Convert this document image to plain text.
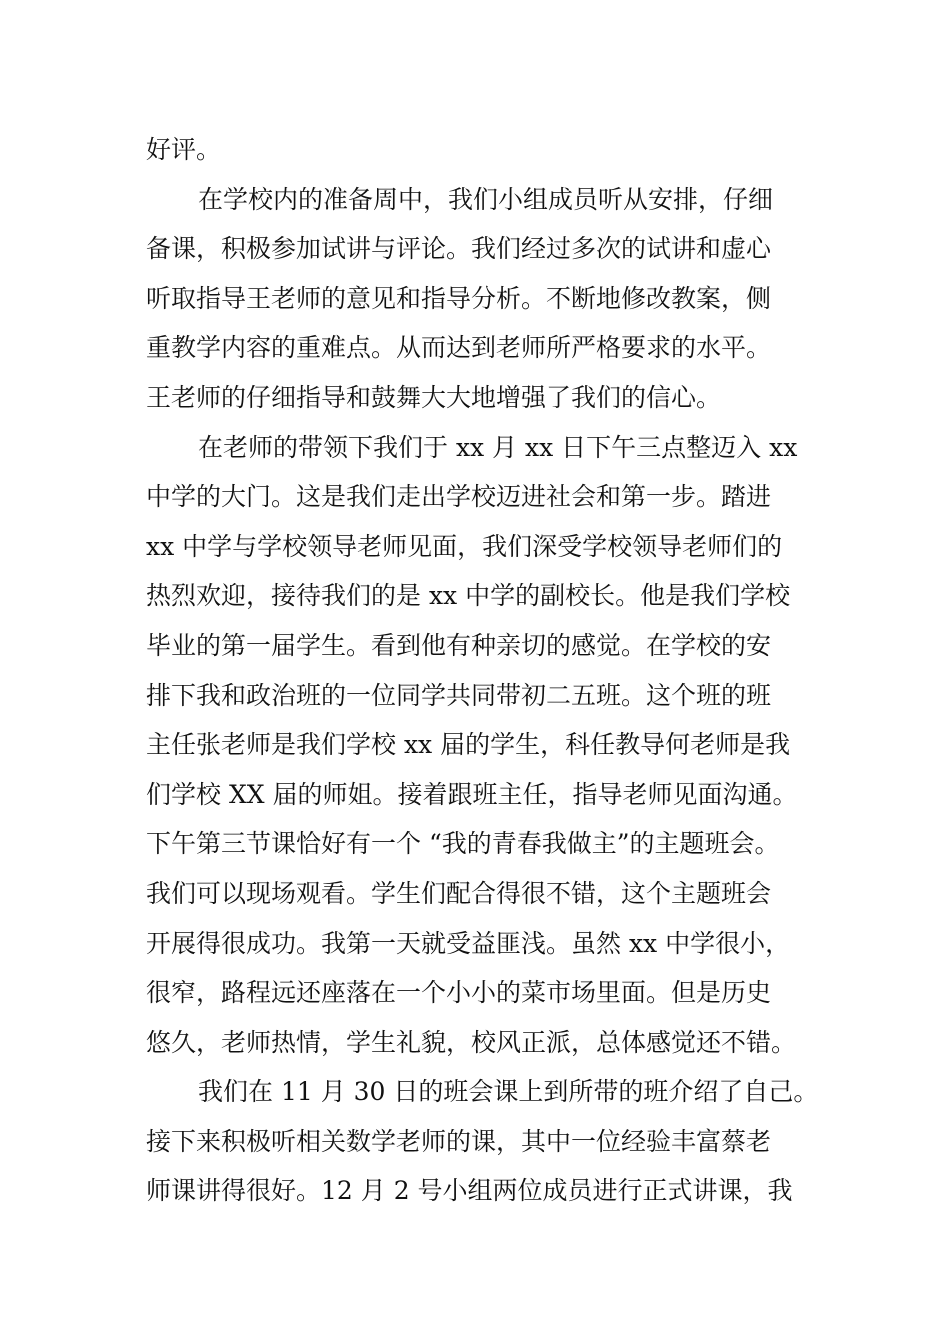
好评。
在学校内的准备周中，我们小组成员听从安排，仔细
备课，积极参加试讲与评论。我们经过多次的试讲和虚心
听取指导王老师的意见和指导分析。不断地修改教案，侧
重教学内容的重难点。从而达到老师所严格要求的水平。
王老师的仔细指导和鼓舞大大地增强了我们的信心。
在老师的带领下我们于 xx 月 xx 日下午三点整迈入 xx
中学的大门。这是我们走出学校迈进社会和第一步。踏进
xx 中学与学校领导老师见面，我们深受学校领导老师们的
热烈欢迎，接待我们的是 xx 中学的副校长。他是我们学校
毕业的第一届学生。看到他有种亲切的感觉。在学校的安
排下我和政治班的一位同学共同带初二五班。这个班的班
主任张老师是我们学校 xx 届的学生，科任教导何老师是我
们学校 XX 届的师姐。接着跟班主任，指导老师见面沟通。
下午第三节课恰好有一个 “我的青春我做主”的主题班会。
我们可以现场观看。学生们配合得很不错，这个主题班会
开展得很成功。我第一天就受益匪浅。虽然 xx 中学很小，
很窄，路程远还座落在一个小小的菜市场里面。但是历史
悠久，老师热情，学生礼貌，校风正派，总体感觉还不错。
我们在 11 月 30 日的班会课上到所带的班介绍了自己。
接下来积极听相关数学老师的课，其中一位经验丰富蔡老
师课讲得很好。12 月 2 号小组两位成员进行正式讲课，我
